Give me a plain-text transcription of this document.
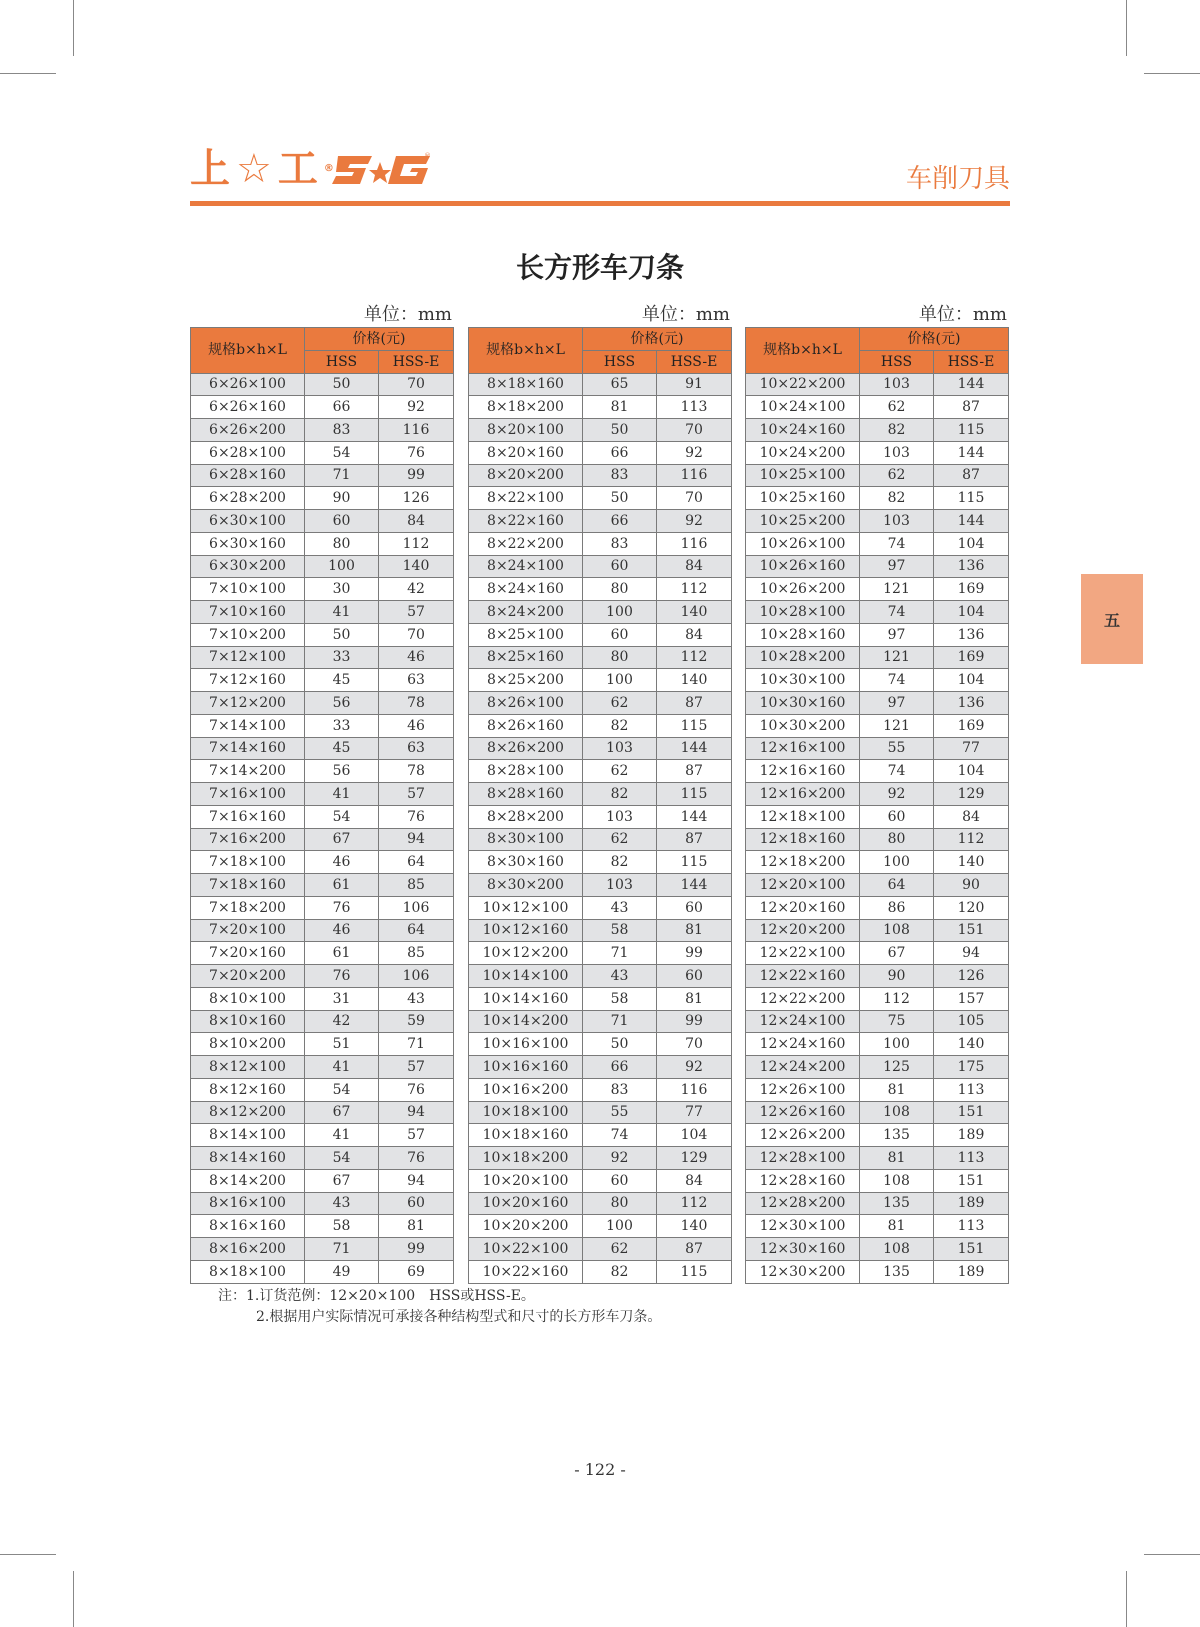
上☆工®
®
车削刀具
长方形车刀条
五
单位：mm	单位：mm	单位：mm
规格b×h×L	价格(元)	
	HSS	HSS-E
6×26×100	50	70
6×26×160	66	92
6×26×200	83	116
6×28×100	54	76
6×28×160	71	99
6×28×200	90	126
6×30×100	60	84
6×30×160	80	112
6×30×200	100	140
7×10×100	30	42
7×10×160	41	57
7×10×200	50	70
7×12×100	33	46
7×12×160	45	63
7×12×200	56	78
7×14×100	33	46
7×14×160	45	63
7×14×200	56	78
7×16×100	41	57
7×16×160	54	76
7×16×200	67	94
7×18×100	46	64
7×18×160	61	85
7×18×200	76	106
7×20×100	46	64
7×20×160	61	85
7×20×200	76	106
8×10×100	31	43
8×10×160	42	59
8×10×200	51	71
8×12×100	41	57
8×12×160	54	76
8×12×200	67	94
8×14×100	41	57
8×14×160	54	76
8×14×200	67	94
8×16×100	43	60
8×16×160	58	81
8×16×200	71	99
8×18×100	49	69
规格b×h×L	价格(元)	
	HSS	HSS-E
8×18×160	65	91
8×18×200	81	113
8×20×100	50	70
8×20×160	66	92
8×20×200	83	116
8×22×100	50	70
8×22×160	66	92
8×22×200	83	116
8×24×100	60	84
8×24×160	80	112
8×24×200	100	140
8×25×100	60	84
8×25×160	80	112
8×25×200	100	140
8×26×100	62	87
8×26×160	82	115
8×26×200	103	144
8×28×100	62	87
8×28×160	82	115
8×28×200	103	144
8×30×100	62	87
8×30×160	82	115
8×30×200	103	144
10×12×100	43	60
10×12×160	58	81
10×12×200	71	99
10×14×100	43	60
10×14×160	58	81
10×14×200	71	99
10×16×100	50	70
10×16×160	66	92
10×16×200	83	116
10×18×100	55	77
10×18×160	74	104
10×18×200	92	129
10×20×100	60	84
10×20×160	80	112
10×20×200	100	140
10×22×100	62	87
10×22×160	82	115
规格b×h×L	价格(元)	
	HSS	HSS-E
10×22×200	103	144
10×24×100	62	87
10×24×160	82	115
10×24×200	103	144
10×25×100	62	87
10×25×160	82	115
10×25×200	103	144
10×26×100	74	104
10×26×160	97	136
10×26×200	121	169
10×28×100	74	104
10×28×160	97	136
10×28×200	121	169
10×30×100	74	104
10×30×160	97	136
10×30×200	121	169
12×16×100	55	77
12×16×160	74	104
12×16×200	92	129
12×18×100	60	84
12×18×160	80	112
12×18×200	100	140
12×20×100	64	90
12×20×160	86	120
12×20×200	108	151
12×22×100	67	94
12×22×160	90	126
12×22×200	112	157
12×24×100	75	105
12×24×160	100	140
12×24×200	125	175
12×26×100	81	113
12×26×160	108	151
12×26×200	135	189
12×28×100	81	113
12×28×160	108	151
12×28×200	135	189
12×30×100	81	113
12×30×160	108	151
12×30×200	135	189
注：1.订货范例：12×20×100　HSS或HSS-E。
2.根据用户实际情况可承接各种结构型式和尺寸的长方形车刀条。
- 122 -
